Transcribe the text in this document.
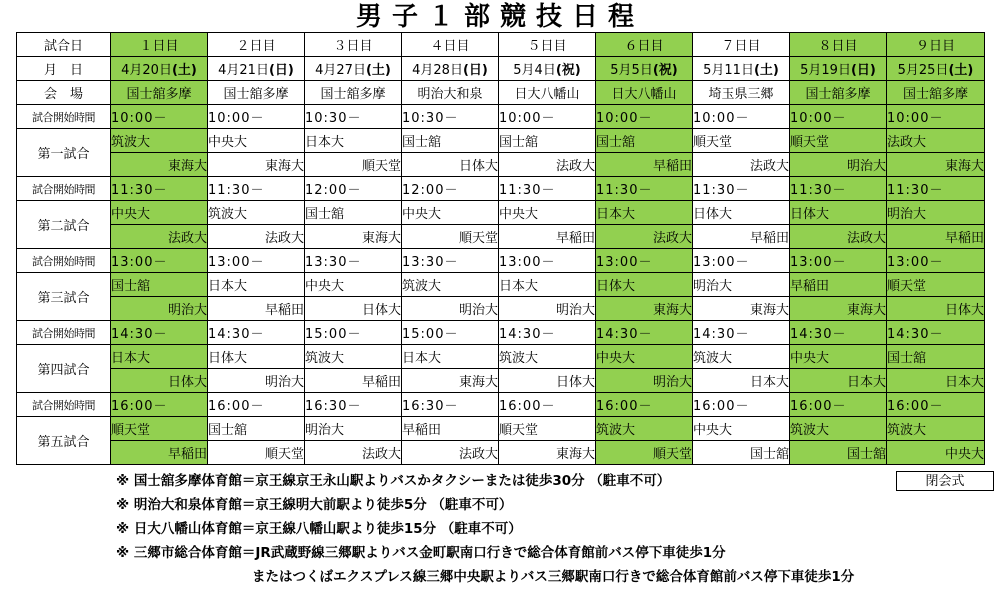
男子１部競技日程
試合日	１日目	２日目	３日目	４日目	５日目	６日目	７日目	８日目	９日目
月　日	4月20日(土)	4月21日(日)	4月27日(土)	4月28日(日)	5月4日(祝)	5月5日(祝)	5月11日(土)	5月19日(日)	5月25日(土)
会　場	国士舘多摩	国士舘多摩	国士舘多摩	明治大和泉	日大八幡山	日大八幡山	埼玉県三郷	国士舘多摩	国士舘多摩
試合開始時間	10:00－	10:00－	10:30－	10:30－	10:00－	10:00－	10:00－	10:00－	10:00－
第一試合	筑波大	中央大	日本大	国士舘	国士舘	国士舘	順天堂	順天堂	法政大
	東海大	東海大	順天堂	日体大	法政大	早稲田	法政大	明治大	東海大
試合開始時間	11:30－	11:30－	12:00－	12:00－	11:30－	11:30－	11:30－	11:30－	11:30－
第二試合	中央大	筑波大	国士舘	中央大	中央大	日本大	日体大	日体大	明治大
	法政大	法政大	東海大	順天堂	早稲田	法政大	早稲田	法政大	早稲田
試合開始時間	13:00－	13:00－	13:30－	13:30－	13:00－	13:00－	13:00－	13:00－	13:00－
第三試合	国士舘	日本大	中央大	筑波大	日本大	日体大	明治大	早稲田	順天堂
	明治大	早稲田	日体大	明治大	明治大	東海大	東海大	東海大	日体大
試合開始時間	14:30－	14:30－	15:00－	15:00－	14:30－	14:30－	14:30－	14:30－	14:30－
第四試合	日本大	日体大	筑波大	日本大	筑波大	中央大	筑波大	中央大	国士舘
	日体大	明治大	早稲田	東海大	日体大	明治大	日本大	日本大	日本大
試合開始時間	16:00－	16:00－	16:30－	16:30－	16:00－	16:00－	16:00－	16:00－	16:00－
第五試合	順天堂	国士舘	明治大	早稲田	順天堂	筑波大	中央大	筑波大	筑波大
	早稲田	順天堂	法政大	法政大	東海大	順天堂	国士舘	国士舘	中央大
閉会式
※ 国士舘多摩体育館＝京王線京王永山駅よりバスかタクシーまたは徒歩30分 （駐車不可）
※ 明治大和泉体育館＝京王線明大前駅より徒歩5分 （駐車不可）
※ 日大八幡山体育館＝京王線八幡山駅より徒歩15分 （駐車不可）
※ 三郷市総合体育館＝JR武蔵野線三郷駅よりバス金町駅南口行きで総合体育館前バス停下車徒歩1分
またはつくばエクスプレス線三郷中央駅よりバス三郷駅南口行きで総合体育館前バス停下車徒歩1分
